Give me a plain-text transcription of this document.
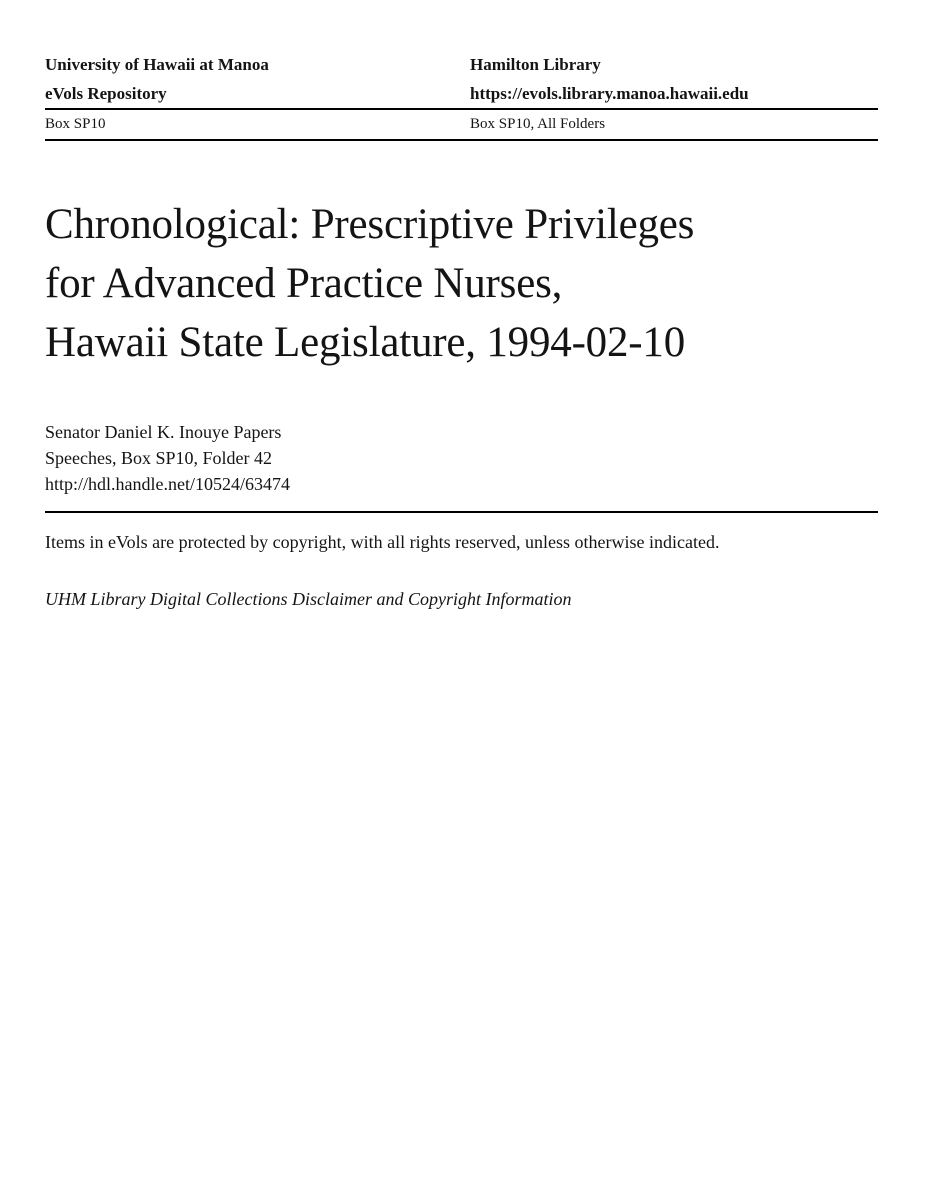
University of Hawaii at Manoa
eVols Repository
Hamilton Library
https://evols.library.manoa.hawaii.edu
Box SP10	Box SP10, All Folders
Chronological: Prescriptive Privileges
for Advanced Practice Nurses,
Hawaii State Legislature, 1994-02-10
Senator Daniel K. Inouye Papers
Speeches, Box SP10, Folder 42
http://hdl.handle.net/10524/63474

Items in eVols are protected by copyright, with all rights reserved, unless otherwise indicated.

UHM Library Digital Collections Disclaimer and Copyright Information
